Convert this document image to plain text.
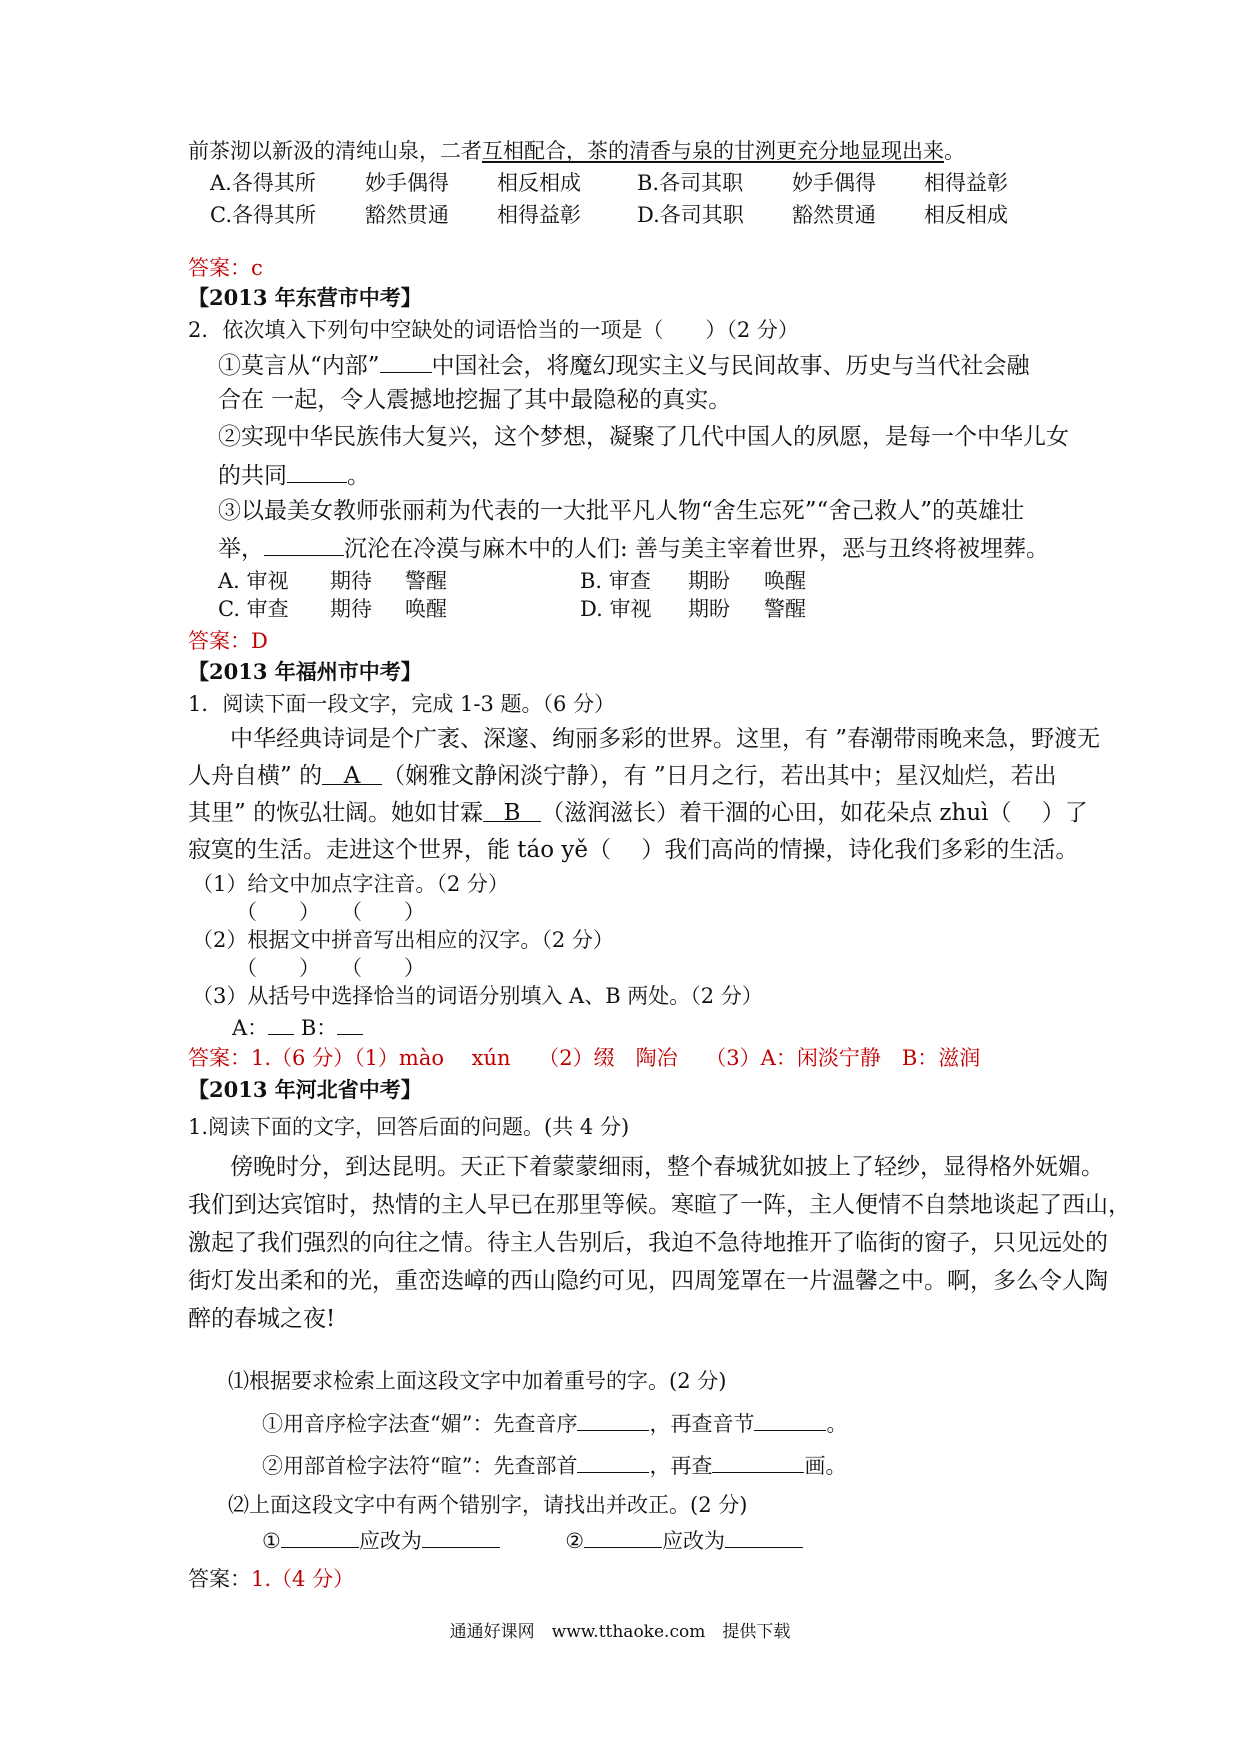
前茶沏以新汲的清纯山泉，二者互相配合，茶的清香与泉的甘洌更充分地显现出来。
A.各得其所 妙手偶得 相反相成	B.各司其职 妙手偶得 相得益彰
C.各得其所 豁然贯通 相得益彰	D.各司其职 豁然贯通 相反相成
答案：c
【2013 年东营市中考】
2．依次填入下列句中空缺处的词语恰当的一项是（　　）（2 分）
①莫言从“内部” 中国社会，将魔幻现实主义与民间故事、历史与当代社会融
合在 一起，令人震撼地挖掘了其中最隐秘的真实。
②实现中华民族伟大复兴，这个梦想，凝聚了几代中国人的夙愿，是每一个中华儿女
的共同	。
③以最美女教师张丽莉为代表的一大批平凡人物“舍生忘死”“舍己救人”的英雄壮
举，	沉沦在冷漠与麻木中的人们: 善与美主宰着世界，恶与丑终将被埋葬。
A. 审视 期待 警醒	B. 审查 期盼 唤醒
C. 审查 期待 唤醒	D. 审视 期盼 警醒
答案：D
【2013 年福州市中考】
1．阅读下面一段文字，完成 1-3 题。（6 分）
中华经典诗词是个广袤、深邃、绚丽多彩的世界。这里，有 ”春潮带雨晚来急，野渡无
人舟自横” 的 A （娴雅文静闲淡宁静），有 ”日月之行，若出其中；星汉灿烂，若出
其里” 的恢弘壮阔。她如甘霖 B （滋润滋长）着干涸的心田，如花朵点 zhuì（　 ）了
寂寞的生活。走进这个世界，能 táo yě（　 ）我们高尚的情操，诗化我们多彩的生活。
（1）给文中加点字注音。（2 分）
（　　）　　（　　）
（2）根据文中拼音写出相应的汉字。（2 分）
（　　）　　（　　）
（3）从括号中选择恰当的词语分别填入 A、B 两处。（2 分）
A： B：
答案：1.（6 分）（1）mào　 xún　 （2）缀　陶冶　 （3）A：闲淡宁静　B：滋润
【2013 年河北省中考】
1.阅读下面的文字，回答后面的问题。(共 4 分)
傍晚时分，到达昆明。天正下着蒙蒙细雨，整个春城犹如披上了轻纱，显得格外妩媚。
我们到达宾馆时，热情的主人早已在那里等候。寒暄了一阵，主人便情不自禁地谈起了西山，
激起了我们强烈的向往之情。待主人告别后，我迫不急待地推开了临街的窗子，只见远处的
街灯发出柔和的光，重峦迭嶂的西山隐约可见，四周笼罩在一片温馨之中。啊，多么令人陶
醉的春城之夜!
⑴根据要求检索上面这段文字中加着重号的字。(2 分)
①用音序检字法查“媚”：先查音序	，再查音节	。
②用部首检字法符“暄”：先查部首	，再查	画。
⑵上面这段文字中有两个错别字，请找出并改正。(2 分)
①	应改为	②	应改为
答案：1.（4 分）
通通好课网　www.tthaoke.com　提供下载
